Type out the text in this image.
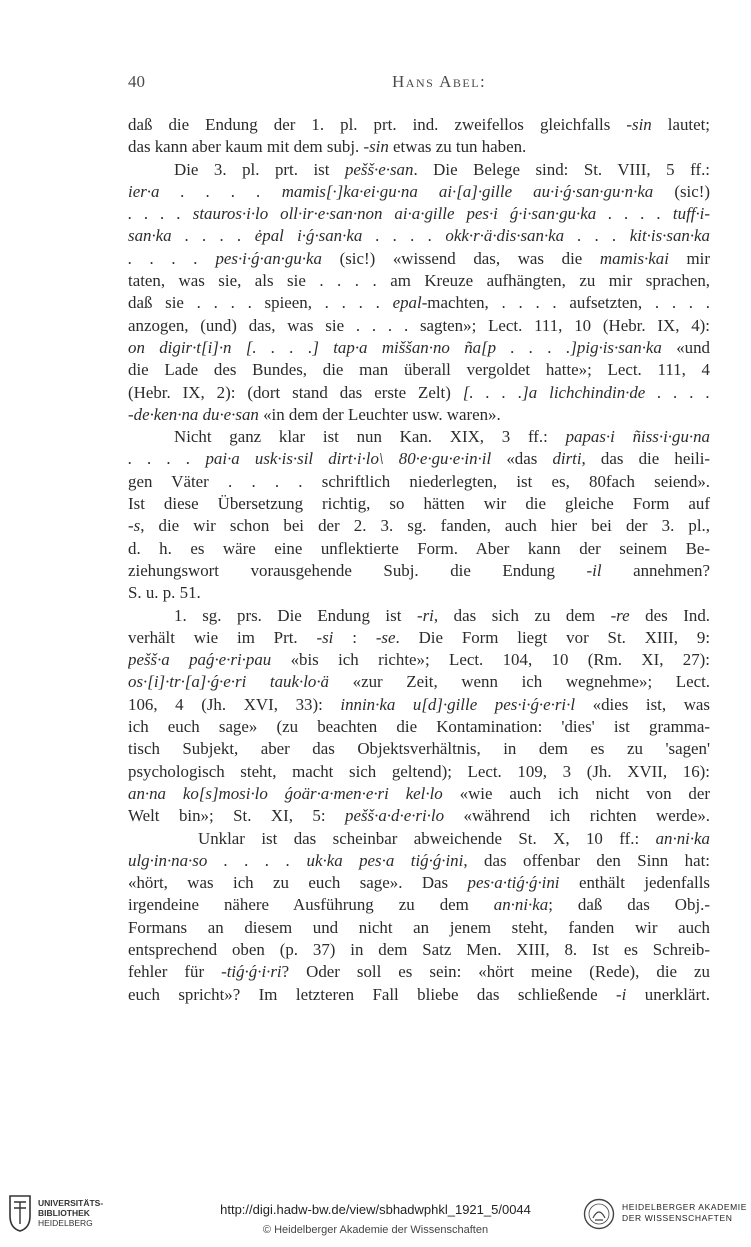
40	Hans Abel:
daß die Endung der 1. pl. prt. ind. zweifellos gleichfalls -sin lautet;
das kann aber kaum mit dem subj. -sin etwas zu tun haben.
Die 3. pl. prt. ist pešš·e·san. Die Belege sind: St. VIII, 5 ff.:
ier·a . . . . mamis[·]ka·ei·gu·na ai·[a]·gille au·i·ǵ·san·gu·n·ka (sic!)
. . . . stauros·i·lo oll·ir·e·san·non ai·a·gille pes·i ǵ·i·san·gu·ka . . . . tuff·i-
san·ka . . . . ėpal i·ǵ·san·ka . . . . okk·r·ä·dis·san·ka . . . kit·is·san·ka
. . . . pes·i·ǵ·an·gu·ka (sic!) «wissend das, was die mamis·kai mir
taten, was sie, als sie . . . . am Kreuze aufhängten, zu mir sprachen,
daß sie . . . . spieen, . . . . epal-machten, . . . . aufsetzten, . . . .
anzogen, (und) das, was sie . . . . sagten»; Lect. 111, 10 (Hebr. IX, 4):
on digir·t[i]·n [. . . .] tap·a miššan·no ña[p . . . .]pig·is·san·ka «und
die Lade des Bundes, die man überall vergoldet hatte»; Lect. 111, 4
(Hebr. IX, 2): (dort stand das erste Zelt) [. . . .]a lichchindin·de . . . .
-de·ken·na du·e·san «in dem der Leuchter usw. waren».
Nicht ganz klar ist nun Kan. XIX, 3 ff.: papas·i ñiss·i·gu·na
. . . . pai·a usk·is·sil dirt·i·lo\ 80·e·gu·e·in·il «das dirti, das die heili-
gen Väter . . . . schriftlich niederlegten, ist es, 80fach seiend».
Ist diese Übersetzung richtig, so hätten wir die gleiche Form auf
-s, die wir schon bei der 2. 3. sg. fanden, auch hier bei der 3. pl.,
d. h. es wäre eine unflektierte Form. Aber kann der seinem Be-
ziehungswort vorausgehende Subj. die Endung -il annehmen?
S. u. p. 51.
1. sg. prs. Die Endung ist -ri, das sich zu dem -re des Ind.
verhält wie im Prt. -si : -se. Die Form liegt vor St. XIII, 9:
pešš·a paǵ·e·ri·pau «bis ich richte»; Lect. 104, 10 (Rm. XI, 27):
os·[i]·tr·[a]·ǵ·e·ri tauk·lo·ä «zur Zeit, wenn ich wegnehme»; Lect.
106, 4 (Jh. XVI, 33): innin·ka u[d]·gille pes·i·ǵ·e·ri·l «dies ist, was
ich euch sage» (zu beachten die Kontamination: 'dies' ist gramma-
tisch Subjekt, aber das Objektsverhältnis, in dem es zu 'sagen'
psychologisch steht, macht sich geltend); Lect. 109, 3 (Jh. XVII, 16):
an·na ko[s]mosi·lo ǵoär·a·men·e·ri kel·lo «wie auch ich nicht von der
Welt bin»; St. XI, 5: pešš·a·d·e·ri·lo «während ich richten werde».
Unklar ist das scheinbar abweichende St. X, 10 ff.: an·ni·ka
ulg·in·na·so . . . . uk·ka pes·a tiǵ·ǵ·ini, das offenbar den Sinn hat:
«hört, was ich zu euch sage». Das pes·a·tiǵ·ǵ·ini enthält jedenfalls
irgendeine nähere Ausführung zu dem an·ni·ka; daß das Obj.-
Formans an diesem und nicht an jenem steht, fanden wir auch
entsprechend oben (p. 37) in dem Satz Men. XIII, 8. Ist es Schreib-
fehler für -tiǵ·ǵ·i·ri? Oder soll es sein: «hört meine (Rede), die zu
euch spricht»? Im letzteren Fall bliebe das schließende -i unerklärt.
UNIVERSITÄTS-
BIBLIOTHEK
HEIDELBERG
http://digi.hadw-bw.de/view/sbhadwphkl_1921_5/0044
© Heidelberger Akademie der Wissenschaften
HEIDELBERGER AKADEMIE
DER WISSENSCHAFTEN
